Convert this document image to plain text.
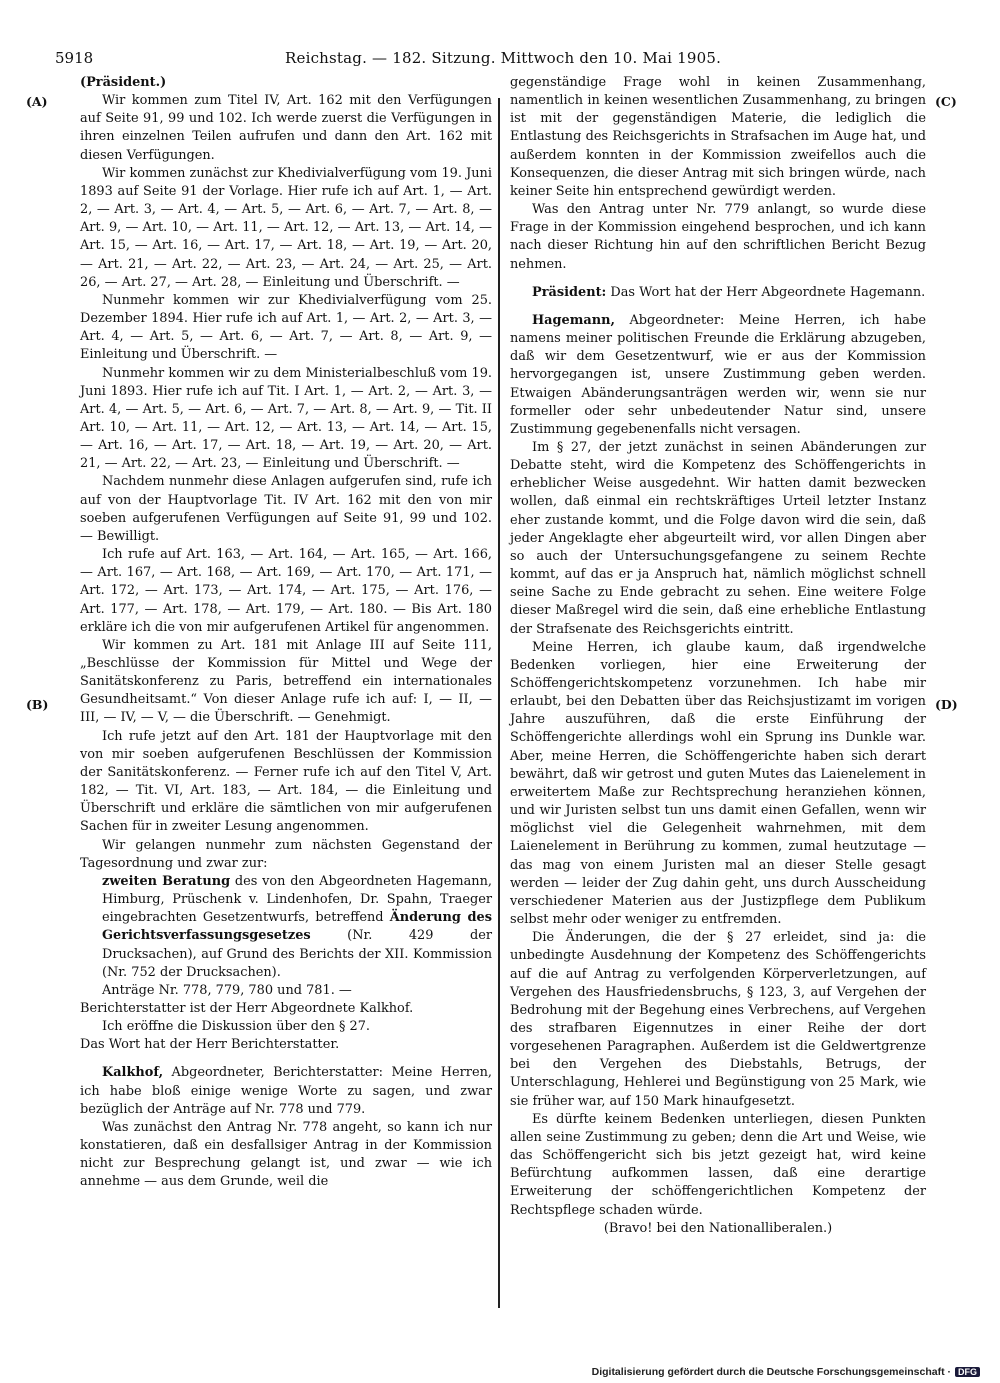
5918	Reichstag. — 182. Sitzung. Mittwoch den 10. Mai 1905.
(A)
(B)
(C)
(D)

(Präsident.)

Wir kommen zum Titel IV, Art. 162 mit den Verfügungen auf Seite 91, 99 und 102. Ich werde zuerst die Verfügungen in ihren einzelnen Teilen aufrufen und dann den Art. 162 mit diesen Verfügungen.

Wir kommen zunächst zur Khedivialverfügung vom 19. Juni 1893 auf Seite 91 der Vorlage. Hier rufe ich auf Art. 1, — Art. 2, — Art. 3, — Art. 4, — Art. 5, — Art. 6, — Art. 7, — Art. 8, — Art. 9, — Art. 10, — Art. 11, — Art. 12, — Art. 13, — Art. 14, — Art. 15, — Art. 16, — Art. 17, — Art. 18, — Art. 19, — Art. 20, — Art. 21, — Art. 22, — Art. 23, — Art. 24, — Art. 25, — Art. 26, — Art. 27, — Art. 28, — Einleitung und Überschrift. —

Nunmehr kommen wir zur Khedivialverfügung vom 25. Dezember 1894. Hier rufe ich auf Art. 1, — Art. 2, — Art. 3, — Art. 4, — Art. 5, — Art. 6, — Art. 7, — Art. 8, — Art. 9, — Einleitung und Überschrift. —

Nunmehr kommen wir zu dem Ministerialbeschluß vom 19. Juni 1893. Hier rufe ich auf Tit. I Art. 1, — Art. 2, — Art. 3, — Art. 4, — Art. 5, — Art. 6, — Art. 7, — Art. 8, — Art. 9, — Tit. II Art. 10, — Art. 11, — Art. 12, — Art. 13, — Art. 14, — Art. 15, — Art. 16, — Art. 17, — Art. 18, — Art. 19, — Art. 20, — Art. 21, — Art. 22, — Art. 23, — Einleitung und Überschrift. —

Nachdem nunmehr diese Anlagen aufgerufen sind, rufe ich auf von der Hauptvorlage Tit. IV Art. 162 mit den von mir soeben aufgerufenen Verfügungen auf Seite 91, 99 und 102. — Bewilligt.

Ich rufe auf Art. 163, — Art. 164, — Art. 165, — Art. 166, — Art. 167, — Art. 168, — Art. 169, — Art. 170, — Art. 171, — Art. 172, — Art. 173, — Art. 174, — Art. 175, — Art. 176, — Art. 177, — Art. 178, — Art. 179, — Art. 180. — Bis Art. 180 erkläre ich die von mir aufgerufenen Artikel für angenommen.

Wir kommen zu Art. 181 mit Anlage III auf Seite 111, „Beschlüsse der Kommission für Mittel und Wege der Sanitätskonferenz zu Paris, betreffend ein internationales Gesundheitsamt.“ Von dieser Anlage rufe ich auf: I, — II, — III, — IV, — V, — die Überschrift. — Genehmigt.

Ich rufe jetzt auf den Art. 181 der Hauptvorlage mit den von mir soeben aufgerufenen Beschlüssen der Kommission der Sanitätskonferenz. — Ferner rufe ich auf den Titel V, Art. 182, — Tit. VI, Art. 183, — Art. 184, — die Einleitung und Überschrift und erkläre die sämtlichen von mir aufgerufenen Sachen für in zweiter Lesung angenommen.

Wir gelangen nunmehr zum nächsten Gegenstand der Tagesordnung und zwar zur:

zweiten Beratung des von den Abgeordneten Hagemann, Himburg, Prüschenk v. Lindenhofen, Dr. Spahn, Traeger eingebrachten Gesetzentwurfs, betreffend Änderung des Gerichtsverfassungsgesetzes (Nr. 429 der Drucksachen), auf Grund des Berichts der XII. Kommission (Nr. 752 der Drucksachen).

Anträge Nr. 778, 779, 780 und 781. —

Berichterstatter ist der Herr Abgeordnete Kalkhof.

Ich eröffne die Diskussion über den § 27.

Das Wort hat der Herr Berichterstatter.

Kalkhof, Abgeordneter, Berichterstatter: Meine Herren, ich habe bloß einige wenige Worte zu sagen, und zwar bezüglich der Anträge auf Nr. 778 und 779.

Was zunächst den Antrag Nr. 778 angeht, so kann ich nur konstatieren, daß ein desfallsiger Antrag in der Kommission nicht zur Besprechung gelangt ist, und zwar — wie ich annehme — aus dem Grunde, weil die

gegenständige Frage wohl in keinen Zusammenhang, namentlich in keinen wesentlichen Zusammenhang, zu bringen ist mit der gegenständigen Materie, die lediglich die Entlastung des Reichsgerichts in Strafsachen im Auge hat, und außerdem konnten in der Kommission zweifellos auch die Konsequenzen, die dieser Antrag mit sich bringen würde, nach keiner Seite hin entsprechend gewürdigt werden.

Was den Antrag unter Nr. 779 anlangt, so wurde diese Frage in der Kommission eingehend besprochen, und ich kann nach dieser Richtung hin auf den schriftlichen Bericht Bezug nehmen.

Präsident: Das Wort hat der Herr Abgeordnete Hagemann.

Hagemann, Abgeordneter: Meine Herren, ich habe namens meiner politischen Freunde die Erklärung abzugeben, daß wir dem Gesetzentwurf, wie er aus der Kommission hervorgegangen ist, unsere Zustimmung geben werden. Etwaigen Abänderungsanträgen werden wir, wenn sie nur formeller oder sehr unbedeutender Natur sind, unsere Zustimmung gegebenenfalls nicht versagen.

Im § 27, der jetzt zunächst in seinen Abänderungen zur Debatte steht, wird die Kompetenz des Schöffengerichts in erheblicher Weise ausgedehnt. Wir hatten damit bezwecken wollen, daß einmal ein rechtskräftiges Urteil letzter Instanz eher zustande kommt, und die Folge davon wird die sein, daß jeder Angeklagte eher abgeurteilt wird, vor allen Dingen aber so auch der Untersuchungsgefangene zu seinem Rechte kommt, auf das er ja Anspruch hat, nämlich möglichst schnell seine Sache zu Ende gebracht zu sehen. Eine weitere Folge dieser Maßregel wird die sein, daß eine erhebliche Entlastung der Strafsenate des Reichsgerichts eintritt.

Meine Herren, ich glaube kaum, daß irgendwelche Bedenken vorliegen, hier eine Erweiterung der Schöffengerichtskompetenz vorzunehmen. Ich habe mir erlaubt, bei den Debatten über das Reichsjustizamt im vorigen Jahre auszuführen, daß die erste Einführung der Schöffengerichte allerdings wohl ein Sprung ins Dunkle war. Aber, meine Herren, die Schöffengerichte haben sich derart bewährt, daß wir getrost und guten Mutes das Laienelement in erweitertem Maße zur Rechtsprechung heranziehen können, und wir Juristen selbst tun uns damit einen Gefallen, wenn wir möglichst viel die Gelegenheit wahrnehmen, mit dem Laienelement in Berührung zu kommen, zumal heutzutage — das mag von einem Juristen mal an dieser Stelle gesagt werden — leider der Zug dahin geht, uns durch Ausscheidung verschiedener Materien aus der Justizpflege dem Publikum selbst mehr oder weniger zu entfremden.

Die Änderungen, die der § 27 erleidet, sind ja: die unbedingte Ausdehnung der Kompetenz des Schöffengerichts auf die auf Antrag zu verfolgenden Körperverletzungen, auf Vergehen des Hausfriedensbruchs, § 123, 3, auf Vergehen der Bedrohung mit der Begehung eines Verbrechens, auf Vergehen des strafbaren Eigennutzes in einer Reihe der dort vorgesehenen Paragraphen. Außerdem ist die Geldwertgrenze bei den Vergehen des Diebstahls, Betrugs, der Unterschlagung, Hehlerei und Begünstigung von 25 Mark, wie sie früher war, auf 150 Mark hinaufgesetzt.

Es dürfte keinem Bedenken unterliegen, diesen Punkten allen seine Zustimmung zu geben; denn die Art und Weise, wie das Schöffengericht sich bis jetzt gezeigt hat, wird keine Befürchtung aufkommen lassen, daß eine derartige Erweiterung der schöffengerichtlichen Kompetenz der Rechtspflege schaden würde.

(Bravo! bei den Nationalliberalen.)

Digitalisierung gefördert durch die Deutsche Forschungsgemeinschaft · DFG
